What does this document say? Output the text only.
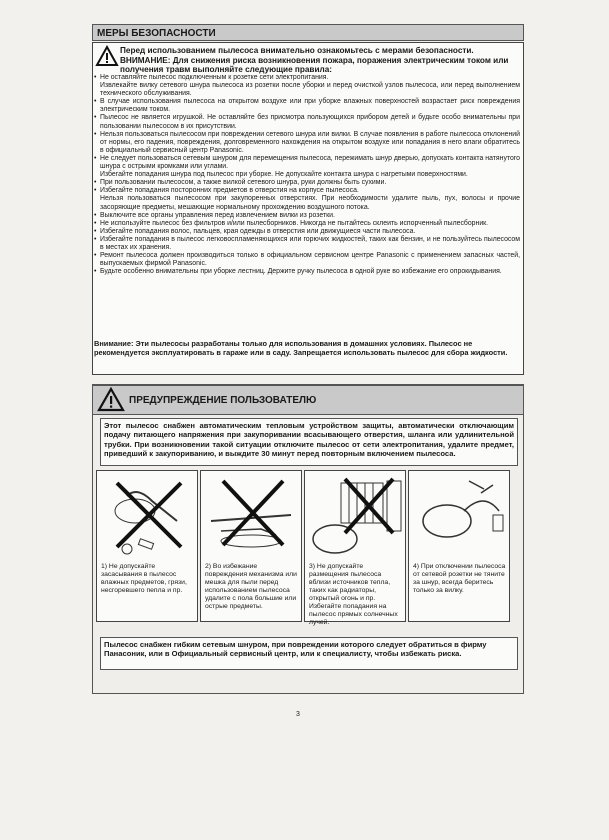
МЕРЫ БЕЗОПАСНОСТИ
Перед использованием пылесоса внимательно ознакомьтесь с мерами безопасности.
ВНИМАНИЕ: Для снижения риска возникновения пожара, поражения электрическим током или получения травм выполняйте следующие правила:
• Не оставляйте пылесос подключенным к розетке сети электропитания.
Извлекайте вилку сетевого шнура пылесоса из розетки после уборки и перед очисткой узлов пылесоса, или перед выполнением технического обслуживания.
• В случае использования пылесоса на открытом воздухе или при уборке влажных поверхностей возрастает риск повреждения электрическим током.
• Пылесос не является игрушкой. Не оставляйте без присмотра пользующихся прибором детей и будьте особо внимательны при пользовании пылесосом в их присутствии.
• Нельзя пользоваться пылесосом при повреждении сетевого шнура или вилки. В случае появления в работе пылесоса отклонений от нормы, его падения, повреждения, долговременного нахождения на открытом воздухе или попадания в него влаги обратитесь в официальный сервисный центр Panasonic.
• Не следует пользоваться сетевым шнуром для перемещения пылесоса, пережимать шнур дверью, допускать контакта натянутого шнура с острыми кромками или углами.
Избегайте попадания шнура под пылесос при уборке. Не допускайте контакта шнура с нагретыми поверхностями.
• При пользовании пылесосом, а также вилкой сетевого шнура, руки должны быть сухими.
• Избегайте попадания посторонних предметов в отверстия на корпусе пылесоса.
Нельзя пользоваться пылесосом при закупоренных отверстиях. При необходимости удалите пыль, пух, волосы и прочие засоряющие предметы, мешающие нормальному прохождению воздушного потока.
• Выключите все органы управления перед извлечением вилки из розетки.
• Не используйте пылесос без фильтров и/или пылесборников. Никогда не пытайтесь склеить испорченный пылесборник.
• Избегайте попадания волос, пальцев, края одежды в отверстия или движущиеся части пылесоса.
• Избегайте попадания в пылесос легковоспламеняющихся или горючих жидкостей, таких как бензин, и не пользуйтесь пылесосом в местах их хранения.
• Ремонт пылесоса должен производиться только в официальном сервисном центре Panasonic с применением запасных частей, выпускаемых фирмой Panasonic.
• Будьте особенно внимательны при уборке лестниц. Держите ручку пылесоса в одной руке во избежание его опрокидывания.
Внимание: Эти пылесосы разработаны только для использования в домашних условиях. Пылесос не рекомендуется эксплуатировать в гараже или в саду. Запрещается использовать пылесос для сбора жидкости.
ПРЕДУПРЕЖДЕНИЕ ПОЛЬЗОВАТЕЛЮ
Этот пылесос снабжен автоматическим тепловым устройством защиты, автоматически отключающим подачу питающего напряжения при закупоривании всасывающего отверстия, шланга или удлинительной трубки. При возникновении такой ситуации отключите пылесос от сети электропитания, удалите предмет, приведший к закупориванию, и выждите 30 минут перед повторным включением пылесоса.
1) Не допускайте засасывания в пылесос влажных предметов, грязи, несгоревшего пепла и пр.
2) Во избежание повреждения механизма или мешка для пыли перед использованием пылесоса удалите с пола большие или острые предметы.
3) Не допускайте размещения пылесоса вблизи источников тепла, таких как радиаторы, открытый огонь и пр. Избегайте попадания на пылесос прямых солнечных лучей.
4) При отключении пылесоса от сетевой розетки не тяните за шнур, всегда беритесь только за вилку.
Пылесос снабжен гибким сетевым шнуром, при повреждении которого следует обратиться в фирму Панасоник, или в Официальный сервисный центр, или к специалисту, чтобы избежать риска.
3
